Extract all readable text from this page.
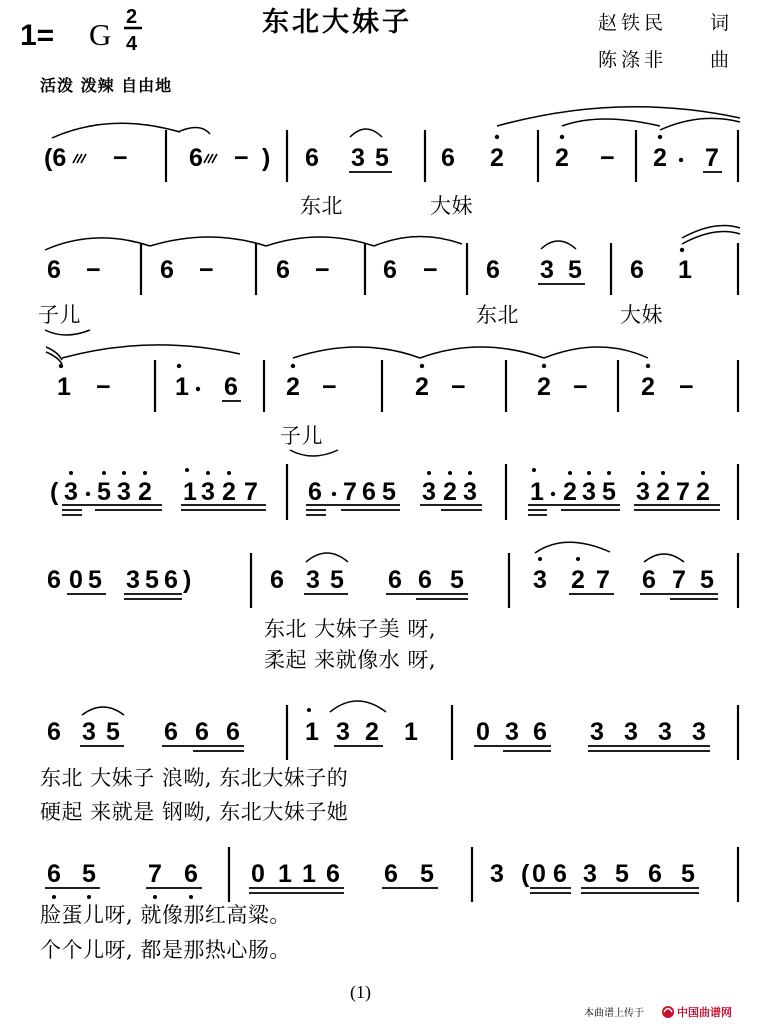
1= G 2
4
东北大妹子	赵铁民 词
陈涤非 曲
活泼 泼辣 自由地
(6 − 6 − ) 6 3 5 6 2 2 − 2 7
东北	大妹
6 − 6 − 6 − 6 − 6 3 5 6 1
子儿	东北	大妹
1 −	1 6 2 −	2 −	2 − 2 −
子儿
( 3 5 3 2 1 3 2 7 6 7 6 5 3 2 3 1 2 3 5 3 2 7 2
6 0 5 3 5 6 )	6 3 5 6 6 5	3 2 7 6 7 5
东北 大妹子美 呀,
柔起 来就像水 呀,
6 3 5 6 6 6	1 3 2 1 0 3 6 3 3 3 3
东北 大妹子 浪呦, 东北大妹子的
硬起 来就是 钢呦, 东北大妹子她
6 5 7 6 0 1 1 6 6 5 3 ( 0 6 3 5 6 5
脸蛋儿呀, 就像那红高粱。
个个儿呀, 都是那热心肠。
(1)
本曲谱上传于	中国曲谱网
